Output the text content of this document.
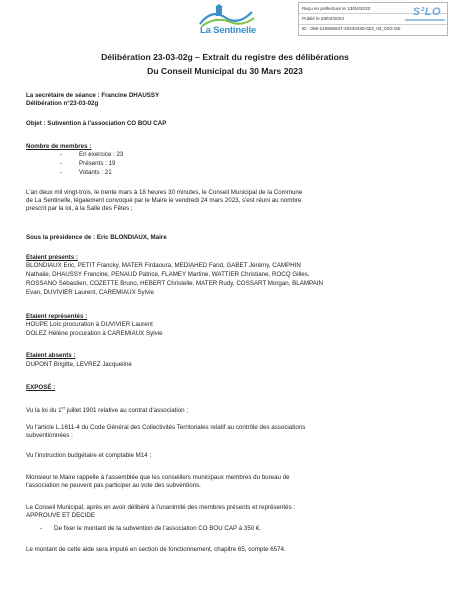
Ville de
La Sentinelle
Reçu en préfecture le 13/04/2023
Publié le 28/04/2023
ID : 059-215905647-20230330-023_03_02G-DE
S²LO
Délibération 23-03-02g – Extrait du registre des délibérations
Du Conseil Municipal du 30 Mars 2023
La secrétaire de séance : Francine DHAUSSY
Délibération n°23-03-02g
Objet : Subvention à l'association CO BOU CAP
Nombre de membres :
-	En exercice : 23
-	Présents : 19
-	Votants : 21
L'an deux mil vingt-trois, le trente mars à 18 heures 30 minutes, le Conseil Municipal de la Commune
de La Sentinelle, légalement convoqué par le Maire le vendredi 24 mars 2023, s'est réuni au nombre
prescrit par la loi, à la Salle des Fêtes ;
Sous la présidence de : Eric BLONDIAUX, Maire
Etaient présents :
BLONDIAUX Eric, PETIT Francky, MATER Firdaoura, MEDIAHED Farid, GABET Jérémy, CAMPHIN
Nathalie, DHAUSSY Francine, PENAUD Patrice, FLAMEY Martine, WATTIER Christiane, ROCQ Gilles,
ROSSANO Sébastien, COZETTE Bruno, HEBERT Christelle, MATER Rudy, COSSART Morgan, BLAMPAIN
Evan, DUVIVIER Laurent, CAREMIAUX Sylvie
Etaient représentés :
HOUPE Loïc procuration à DUVIVIER Laurent
DOLEZ Hélène procuration à CAREMIAUX Sylvie
Etaient absents :
DUPONT Brigitte, LEVREZ Jacqueline
EXPOSÉ :
Vu la loi du 1er juillet 1901 relative au contrat d'association ;
Vu l'article L.1611-4 du Code Général des Collectivités Territoriales relatif au contrôle des associations
subventionnées ;
Vu l'instruction budgétaire et comptable M14 ;
Monsieur le Maire rappelle à l'assemblée que les conseillers municipaux membres du bureau de
l'association ne peuvent pas participer au vote des subventions.
Le Conseil Municipal, après en avoir délibéré à l'unanimité des membres présents et représentés :
APPROUVE ET DECIDE
- De fixer le montant de la subvention de l'association CO BOU CAP à 350 €.
Le montant de cette aide sera imputé en section de fonctionnement, chapitre 65, compte 6574.
